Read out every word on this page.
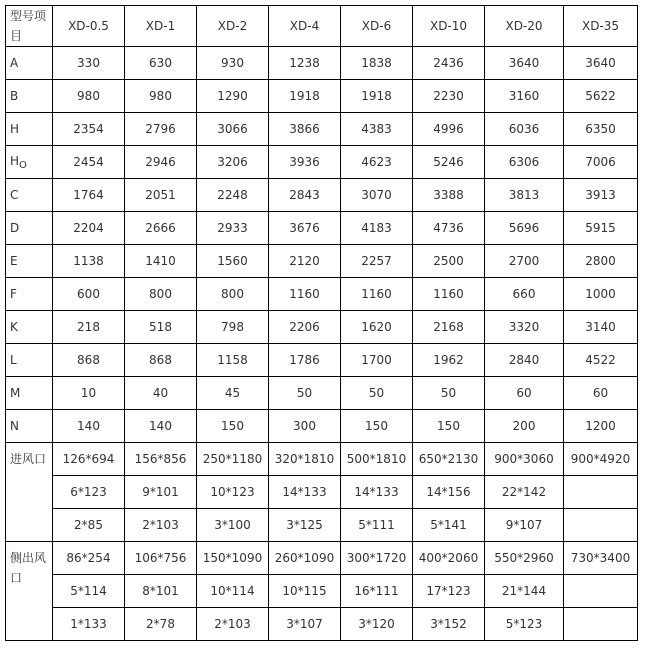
型号项目	XD-0.5	XD-1	XD-2	XD-4	XD-6	XD-10	XD-20	XD-35
A	330	630	930	1238	1838	2436	3640	3640
B	980	980	1290	1918	1918	2230	3160	5622
H	2354	2796	3066	3866	4383	4996	6036	6350
$H_O$	2454	2946	3206	3936	4623	5246	6306	7006
C	1764	2051	2248	2843	3070	3388	3813	3913
D	2204	2666	2933	3676	4183	4736	5696	5915
E	1138	1410	1560	2120	2257	2500	2700	2800
F	600	800	800	1160	1160	1160	660	1000
K	218	518	798	2206	1620	2168	3320	3140
L	868	868	1158	1786	1700	1962	2840	4522
M	10	40	45	50	50	50	60	60
N	140	140	150	300	150	150	200	1200
进风口	126*694	156*856	250*1180	320*1810	500*1810	650*2130	900*3060	900*4920
	6*123	9*101	10*123	14*133	14*133	14*156	22*142	
	2*85	2*103	3*100	3*125	5*111	5*141	9*107	
侧出风口	86*254	106*756	150*1090	260*1090	300*1720	400*2060	550*2960	730*3400
	5*114	8*101	10*114	10*115	16*111	17*123	21*144	
	1*133	2*78	2*103	3*107	3*120	3*152	5*123	
